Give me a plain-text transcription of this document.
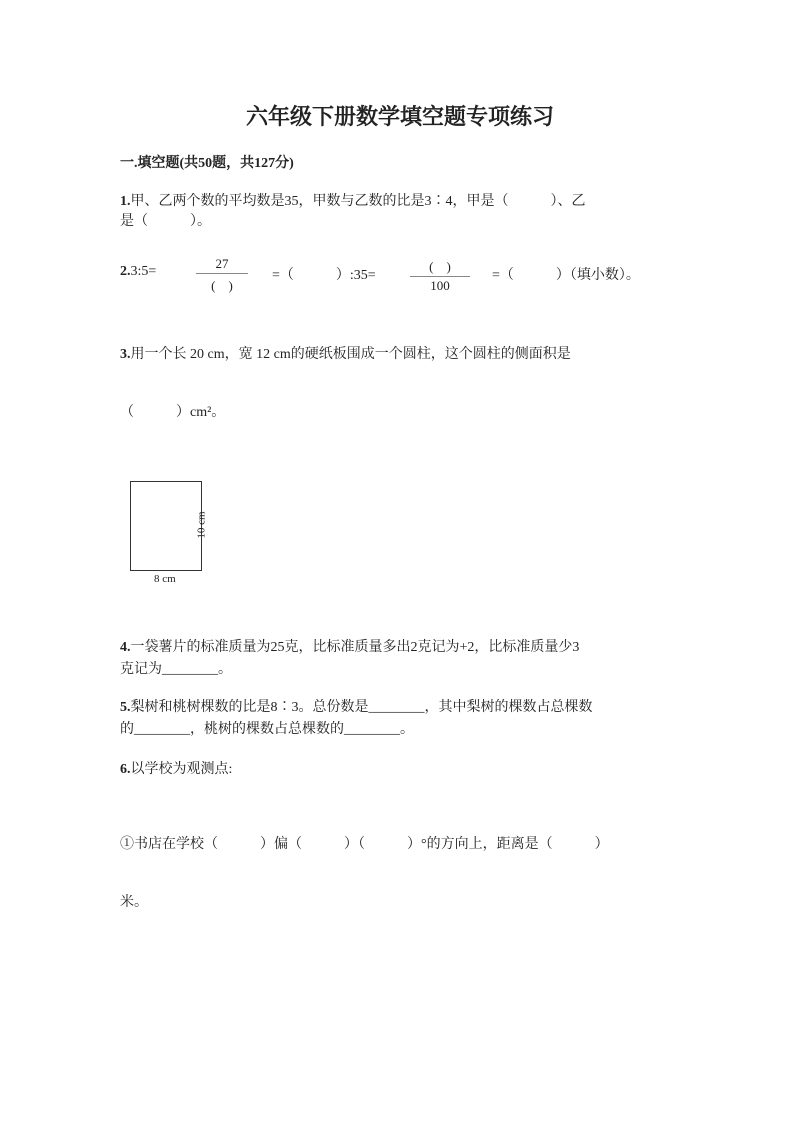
六年级下册数学填空题专项练习
一.填空题(共50题，共127分)
1.甲、乙两个数的平均数是35，甲数与乙数的比是3∶4，甲是（　　　）、乙
是（　　　）。
2.3:5=
27
(　)
=（　　　）:35=
(　)
100
=（　　　）（填小数）。
3.用一个长 20 cm，宽 12 cm的硬纸板围成一个圆柱，这个圆柱的侧面积是
（　　　）cm²。
8 cm
10 cm
4.一袋薯片的标准质量为25克，比标准质量多出2克记为+2，比标准质量少3
克记为________。
5.梨树和桃树棵数的比是8∶3。总份数是________，其中梨树的棵数占总棵数
的________，桃树的棵数占总棵数的________。
6.以学校为观测点:
①书店在学校（　　　）偏（　　　）（　　　）°的方向上，距离是（　　　）
米。
